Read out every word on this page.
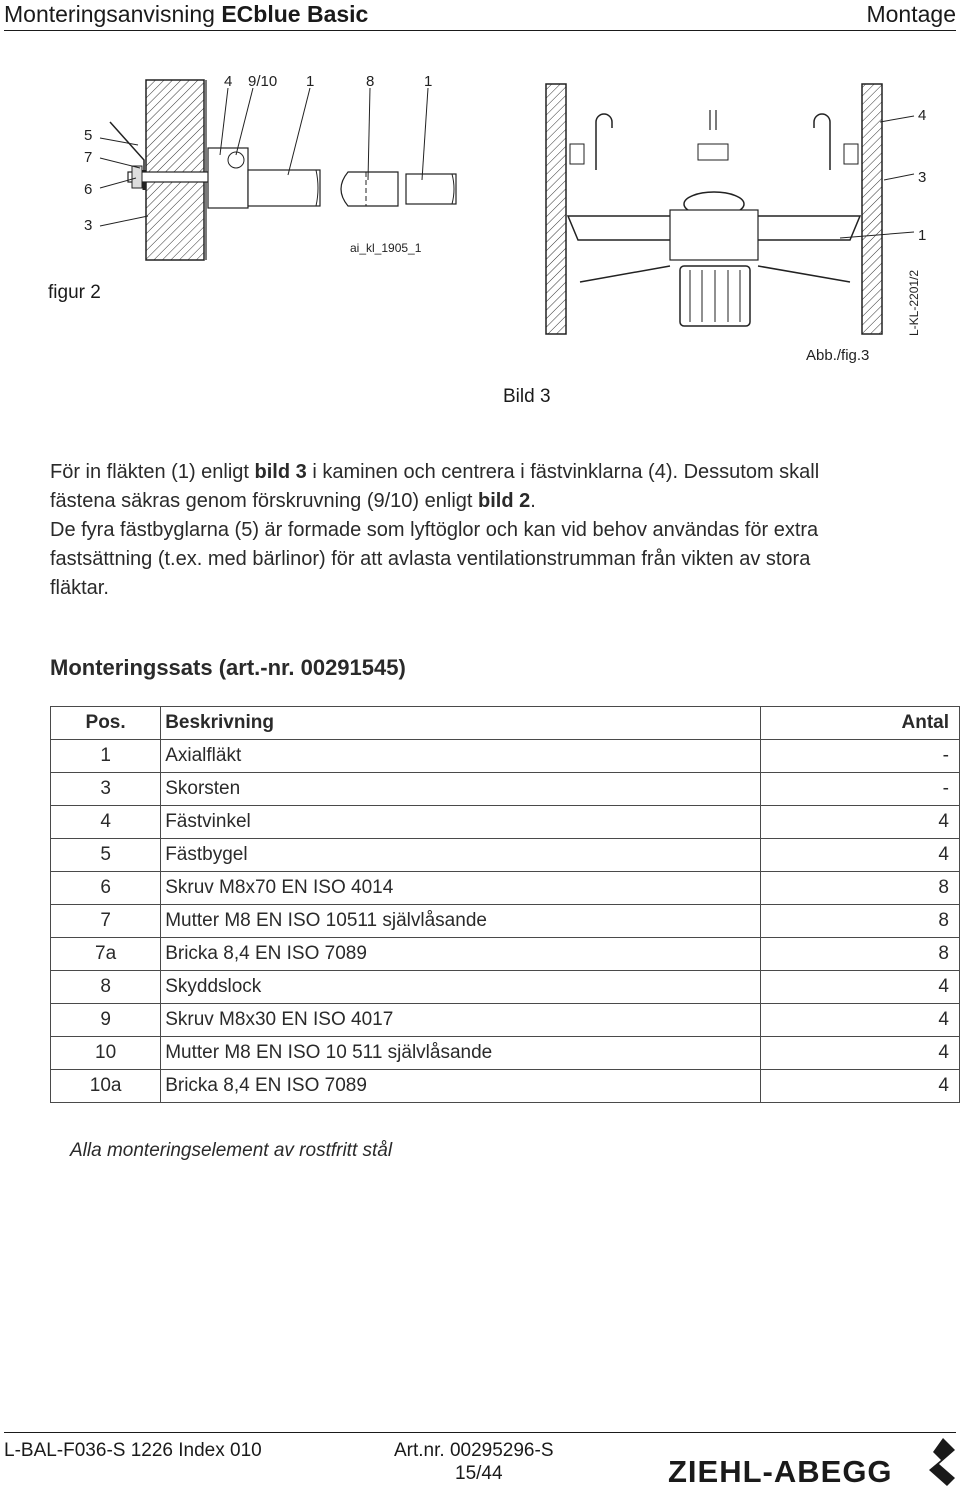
Monteringsanvisning ECblue Basic	Montage
4 9/10 1	8	1
5
7
6
3
ai_kl_1905_1
figur 2
4
3
1
L-KL-2201/2
Abb./fig.3
Bild 3

För in fläkten (1) enligt bild 3 i kaminen och centrera i fästvinklarna (4). Dessutom skall

fästena säkras genom förskruvning (9/10) enligt bild 2.

De fyra fästbyglarna (5) är formade som lyftöglor och kan vid behov användas för extra

fastsättning (t.ex. med bärlinor) för att avlasta ventilationstrumman från vikten av stora

fläktar.

Monteringssats (art.-nr. 00291545)
Pos.	Beskrivning	Antal
1	Axialfläkt	-
3	Skorsten	-
4	Fästvinkel	4
5	Fästbygel	4
6	Skruv M8x70 EN ISO 4014	8
7	Mutter M8 EN ISO 10511 självlåsande	8
7a	Bricka 8,4 EN ISO 7089	8
8	Skyddslock	4
9	Skruv M8x30 EN ISO 4017	4
10	Mutter M8 EN ISO 10 511 självlåsande	4
10a	Bricka 8,4 EN ISO 7089	4
Alla monteringselement av rostfritt stål
L-BAL-F036-S 1226 Index 010	Art.nr. 00295296-S
15/44	ZIEHL-ABEGG
